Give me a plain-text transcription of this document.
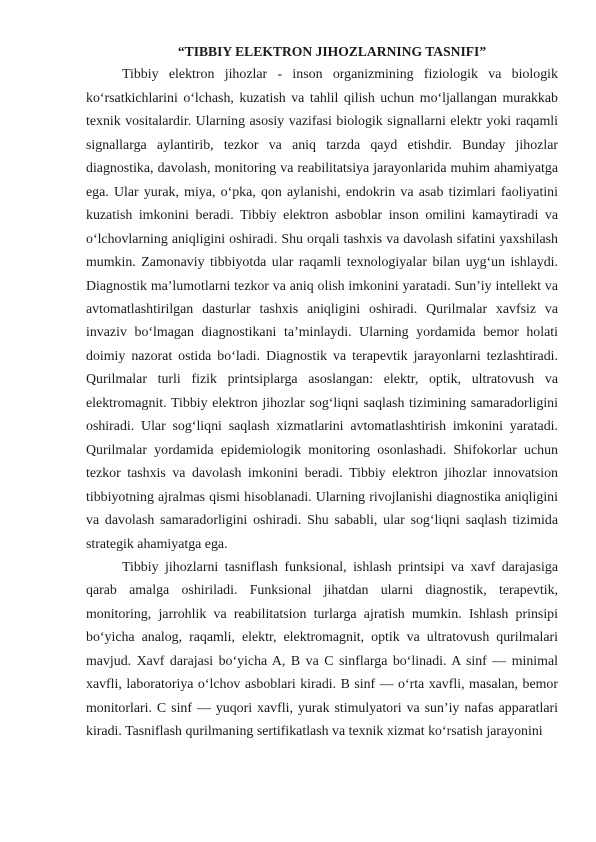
“TIBBIY ELEKTRON JIHOZLARNING TASNIFI”

Tibbiy elektron jihozlar - inson organizmining fiziologik va biologik ko‘rsatkichlarini o‘lchash, kuzatish va tahlil qilish uchun mo‘ljallangan murakkab texnik vositalardir. Ularning asosiy vazifasi biologik signallarni elektr yoki raqamli signallarga aylantirib, tezkor va aniq tarzda qayd etishdir. Bunday jihozlar diagnostika, davolash, monitoring va reabilitatsiya jarayonlarida muhim ahamiyatga ega. Ular yurak, miya, o‘pka, qon aylanishi, endokrin va asab tizimlari faoliyatini kuzatish imkonini beradi. Tibbiy elektron asboblar inson omilini kamaytiradi va o‘lchovlarning aniqligini oshiradi. Shu orqali tashxis va davolash sifatini yaxshilash mumkin. Zamonaviy tibbiyotda ular raqamli texnologiyalar bilan uyg‘un ishlaydi. Diagnostik ma’lumotlarni tezkor va aniq olish imkonini yaratadi. Sun’iy intellekt va avtomatlashtirilgan dasturlar tashxis aniqligini oshiradi. Qurilmalar xavfsiz va invaziv bo‘lmagan diagnostikani ta’minlaydi. Ularning yordamida bemor holati doimiy nazorat ostida bo‘ladi. Diagnostik va terapevtik jarayonlarni tezlashtiradi. Qurilmalar turli fizik printsiplarga asoslangan: elektr, optik, ultratovush va elektromagnit. Tibbiy elektron jihozlar sog‘liqni saqlash tizimining samaradorligini oshiradi. Ular sog‘liqni saqlash xizmatlarini avtomatlashtirish imkonini yaratadi. Qurilmalar yordamida epidemiologik monitoring osonlashadi. Shifokorlar uchun tezkor tashxis va davolash imkonini beradi. Tibbiy elektron jihozlar innovatsion tibbiyotning ajralmas qismi hisoblanadi. Ularning rivojlanishi diagnostika aniqligini va davolash samaradorligini oshiradi. Shu sababli, ular sog‘liqni saqlash tizimida strategik ahamiyatga ega.

Tibbiy jihozlarni tasniflash funksional, ishlash printsipi va xavf darajasiga qarab amalga oshiriladi. Funksional jihatdan ularni diagnostik, terapevtik, monitoring, jarrohlik va reabilitatsion turlarga ajratish mumkin. Ishlash prinsipi bo‘yicha analog, raqamli, elektr, elektromagnit, optik va ultratovush qurilmalari mavjud. Xavf darajasi bo‘yicha A, B va C sinflarga bo‘linadi. A sinf — minimal xavfli, laboratoriya o‘lchov asboblari kiradi. B sinf — o‘rta xavfli, masalan, bemor monitorlari. C sinf — yuqori xavfli, yurak stimulyatori va sun’iy nafas apparatlari kiradi. Tasniflash qurilmaning sertifikatlash va texnik xizmat ko‘rsatish jarayonini
